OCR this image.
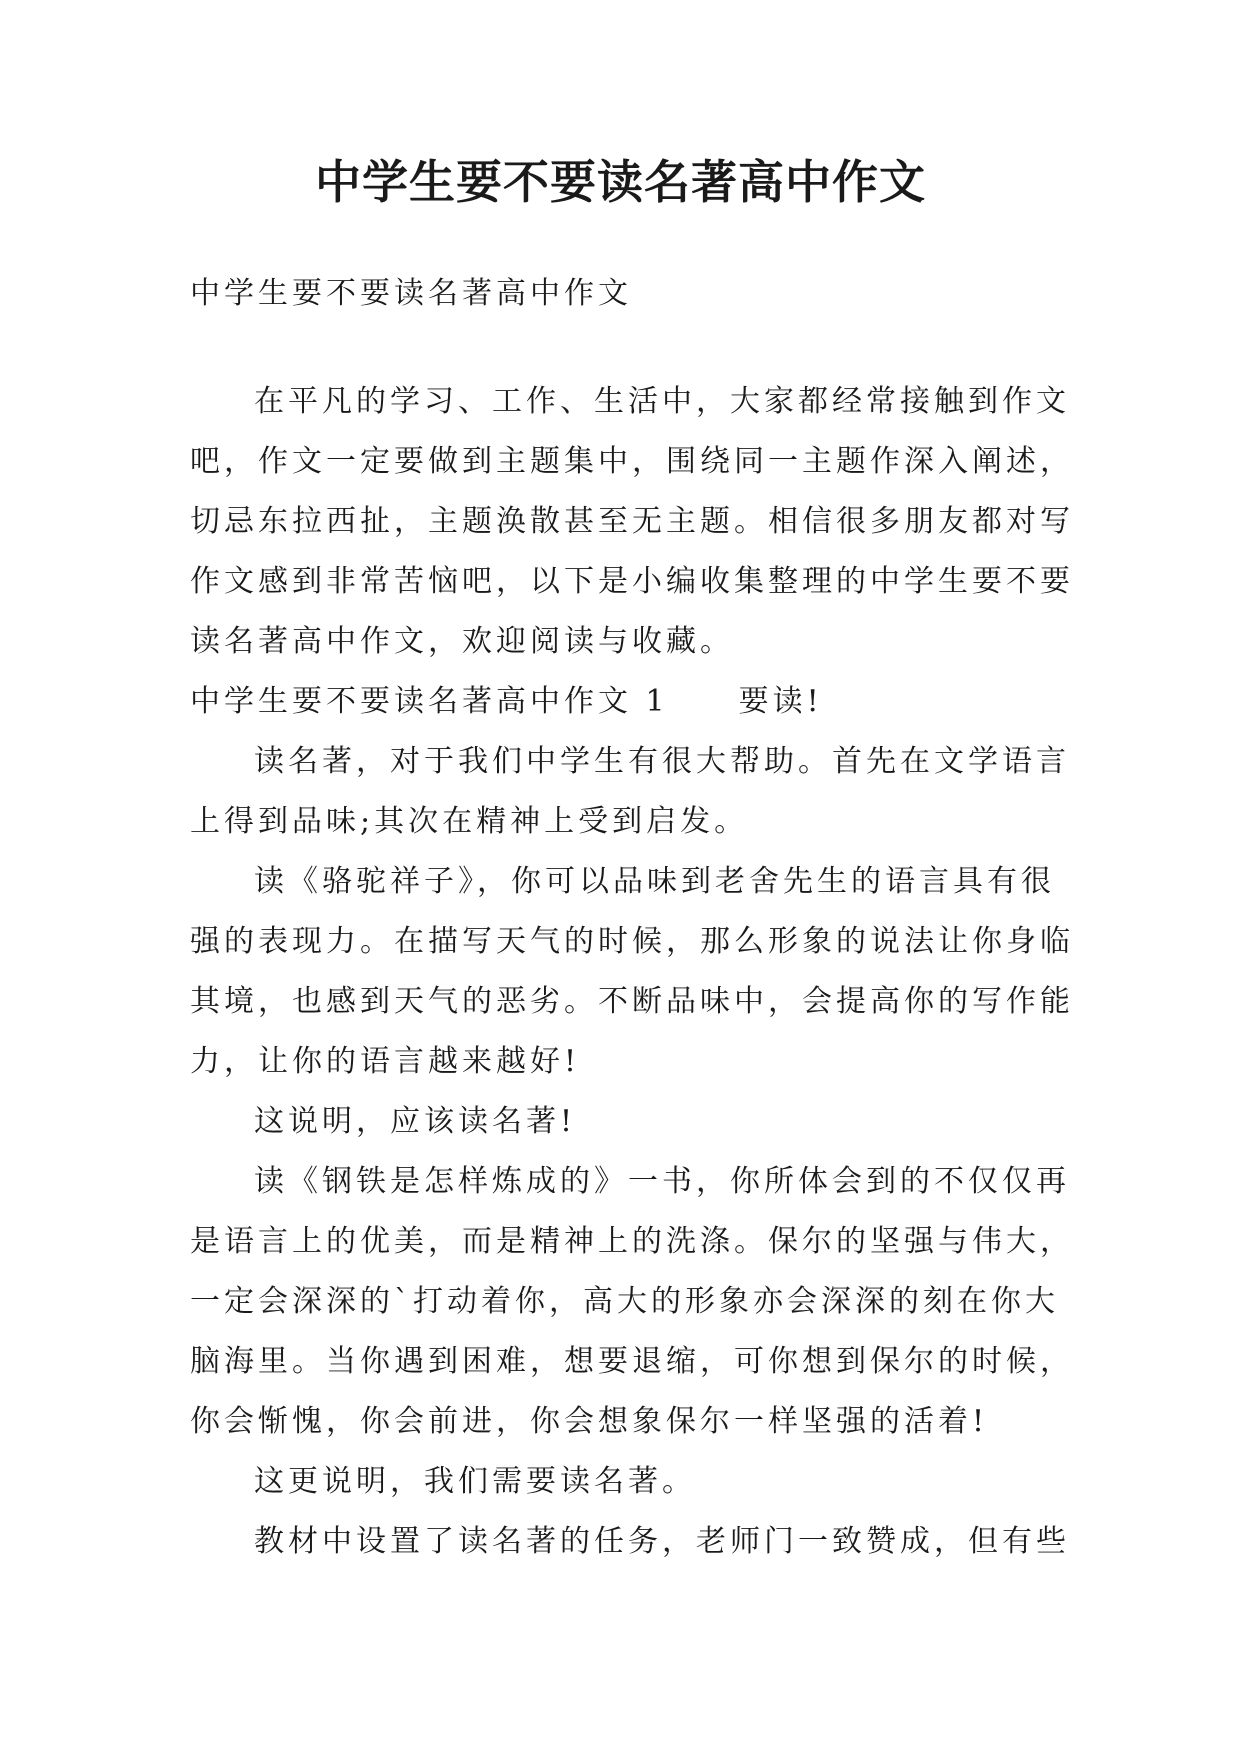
中学生要不要读名著高中作文

中学生要不要读名著高中作文

在平凡的学习、工作、生活中，大家都经常接触到作文

吧，作文一定要做到主题集中，围绕同一主题作深入阐述，

切忌东拉西扯，主题涣散甚至无主题。相信很多朋友都对写

作文感到非常苦恼吧，以下是小编收集整理的中学生要不要

读名著高中作文，欢迎阅读与收藏。

中学生要不要读名著高中作文 1 要读!

读名著，对于我们中学生有很大帮助。首先在文学语言

上得到品味;其次在精神上受到启发。

读《骆驼祥子》，你可以品味到老舍先生的语言具有很

强的表现力。在描写天气的时候，那么形象的说法让你身临

其境，也感到天气的恶劣。不断品味中，会提高你的写作能

力，让你的语言越来越好!

这说明，应该读名著!

读《钢铁是怎样炼成的》一书，你所体会到的不仅仅再

是语言上的优美，而是精神上的洗涤。保尔的坚强与伟大，

一定会深深的`打动着你，高大的形象亦会深深的刻在你大

脑海里。当你遇到困难，想要退缩，可你想到保尔的时候，

你会惭愧，你会前进，你会想象保尔一样坚强的活着!

这更说明，我们需要读名著。

教材中设置了读名著的任务，老师门一致赞成，但有些
